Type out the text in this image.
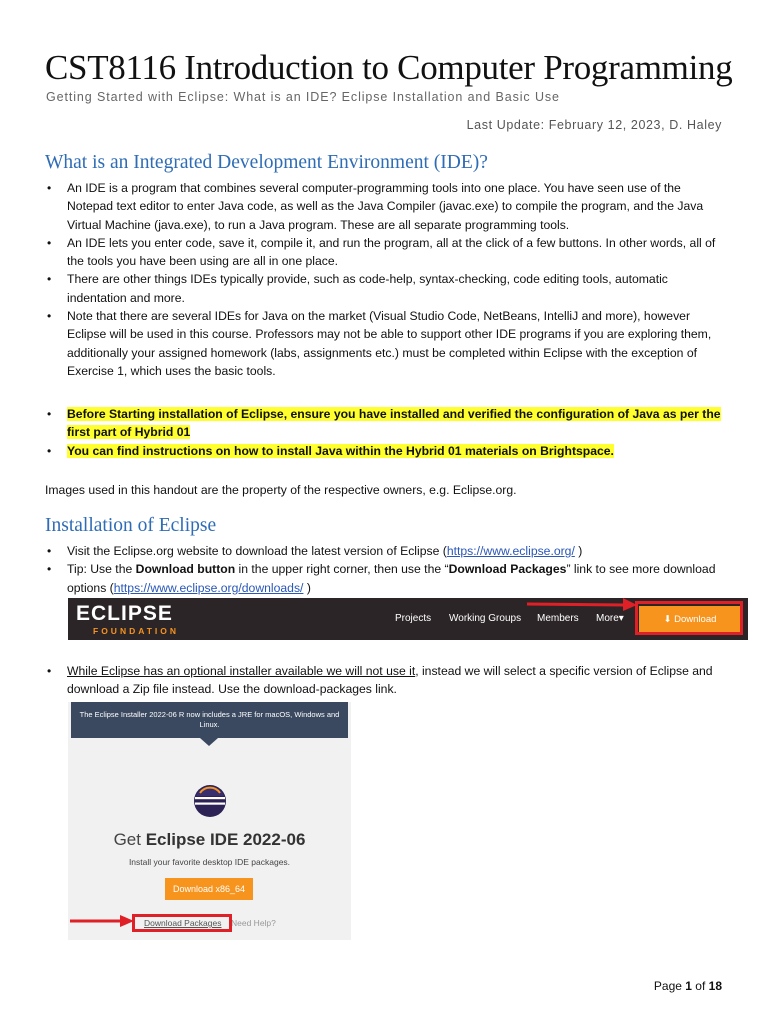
CST8116 Introduction to Computer Programming
Getting Started with Eclipse: What is an IDE? Eclipse Installation and Basic Use
Last Update: February 12, 2023, D. Haley
What is an Integrated Development Environment (IDE)?
• An IDE is a program that combines several computer-programming tools into one place. You have seen use of the Notepad text editor to enter Java code, as well as the Java Compiler (javac.exe) to compile the program, and the Java Virtual Machine (java.exe), to run a Java program. These are all separate programming tools.
• An IDE lets you enter code, save it, compile it, and run the program, all at the click of a few buttons. In other words, all of the tools you have been using are all in one place.
• There are other things IDEs typically provide, such as code-help, syntax-checking, code editing tools, automatic indentation and more.
• Note that there are several IDEs for Java on the market (Visual Studio Code, NetBeans, IntelliJ and more), however Eclipse will be used in this course. Professors may not be able to support other IDE programs if you are exploring them, additionally your assigned homework (labs, assignments etc.) must be completed within Eclipse with the exception of Exercise 1, which uses the basic tools.
• Before Starting installation of Eclipse, ensure you have installed and verified the configuration of Java as per the first part of Hybrid 01
• You can find instructions on how to install Java within the Hybrid 01 materials on Brightspace.
Images used in this handout are the property of the respective owners, e.g. Eclipse.org.
Installation of Eclipse
• Visit the Eclipse.org website to download the latest version of Eclipse (https://www.eclipse.org/ )
• Tip: Use the Download button in the upper right corner, then use the “Download Packages” link to see more download options (https://www.eclipse.org/downloads/ )
ECLIPSE
FOUNDATION
Projects Working Groups Members More▾	⬇ Download
• While Eclipse has an optional installer available we will not use it, instead we will select a specific version of Eclipse and download a Zip file instead. Use the download-packages link.
The Eclipse Installer 2022-06 R now includes a JRE for macOS, Windows and Linux.
Get Eclipse IDE 2022-06
Install your favorite desktop IDE packages.
Download x86_64
Download Packages Need Help?
Page 1 of 18
